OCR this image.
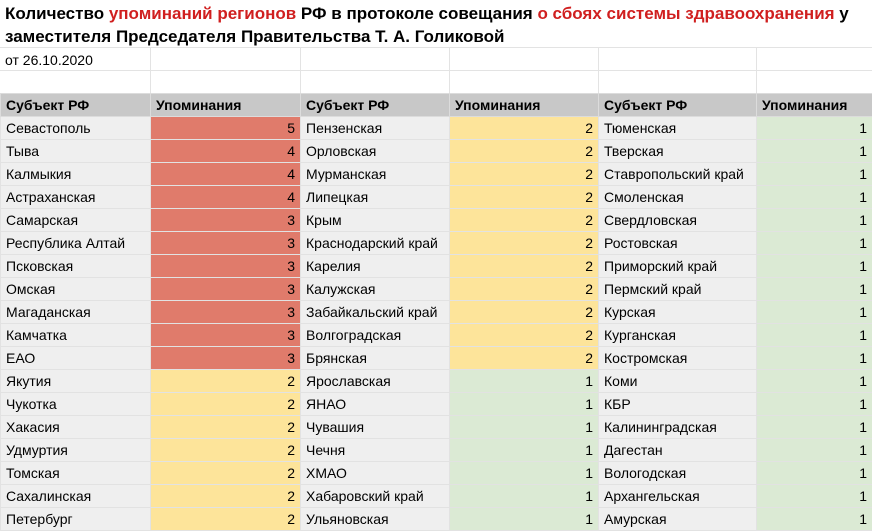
Количество упоминаний регионов РФ в протоколе совещания о сбоях системы здравоохранения у заместителя Председателя Правительства Т. А. Голиковой
от 26.10.2020
Субъект РФ	Упоминания	Субъект РФ	Упоминания	Субъект РФ	Упоминания
Севастополь	5	Пензенская	2	Тюменская	1
Тыва	4	Орловская	2	Тверская	1
Калмыкия	4	Мурманская	2	Ставропольский край	1
Астраханская	4	Липецкая	2	Смоленская	1
Самарская	3	Крым	2	Свердловская	1
Республика Алтай	3	Краснодарский край	2	Ростовская	1
Псковская	3	Карелия	2	Приморский край	1
Омская	3	Калужская	2	Пермский край	1
Магаданская	3	Забайкальский край	2	Курская	1
Камчатка	3	Волгоградская	2	Курганская	1
ЕАО	3	Брянская	2	Костромская	1
Якутия	2	Ярославская	1	Коми	1
Чукотка	2	ЯНАО	1	КБР	1
Хакасия	2	Чувашия	1	Калининградская	1
Удмуртия	2	Чечня	1	Дагестан	1
Томская	2	ХМАО	1	Вологодская	1
Сахалинская	2	Хабаровский край	1	Архангельская	1
Петербург	2	Ульяновская	1	Амурская	1
